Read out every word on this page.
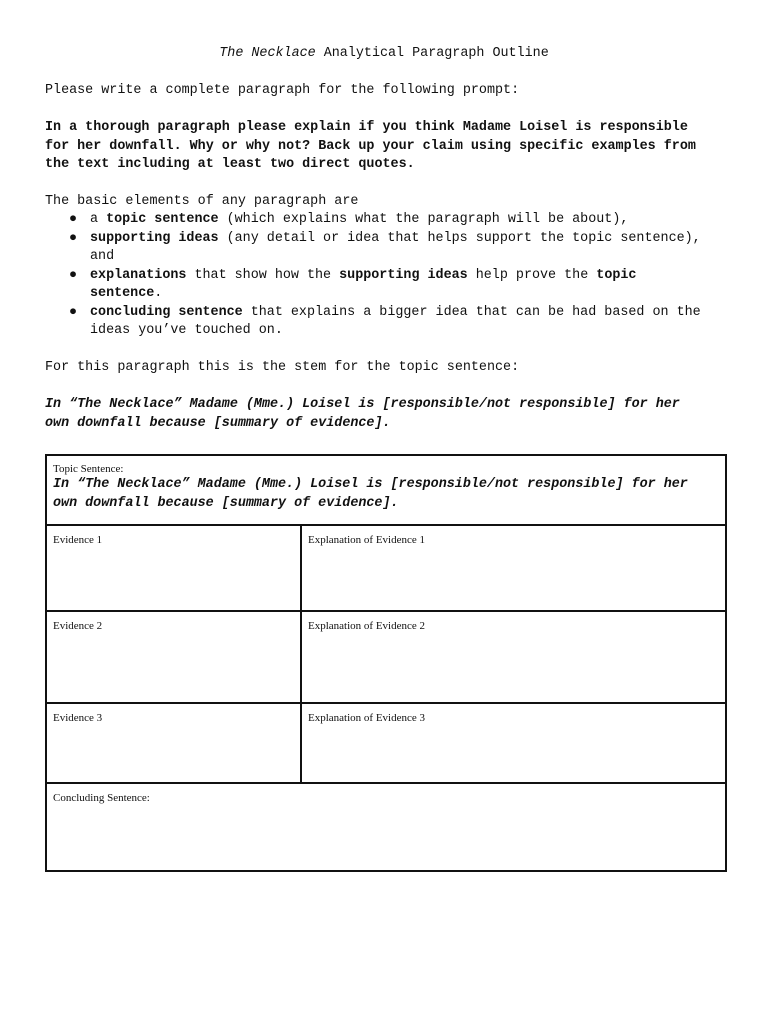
The Necklace Analytical Paragraph Outline
Please write a complete paragraph for the following prompt:
In a thorough paragraph please explain if you think Madame Loisel is responsible
for her downfall. Why or why not? Back up your claim using specific examples from
the text including at least two direct quotes.
The basic elements of any paragraph are
● a topic sentence (which explains what the paragraph will be about),
● supporting ideas (any detail or idea that helps support the topic sentence),
and
● explanations that show how the supporting ideas help prove the topic
sentence.
● concluding sentence that explains a bigger idea that can be had based on the
ideas you’ve touched on.
For this paragraph this is the stem for the topic sentence:
In “The Necklace” Madame (Mme.) Loisel is [responsible/not responsible] for her
own downfall because [summary of evidence].
Topic Sentence:
In “The Necklace” Madame (Mme.) Loisel is [responsible/not responsible] for her
own downfall because [summary of evidence].	

Evidence 1	Explanation of Evidence 1

Evidence 2	Explanation of Evidence 2

Evidence 3	Explanation of Evidence 3

Concluding Sentence:	
